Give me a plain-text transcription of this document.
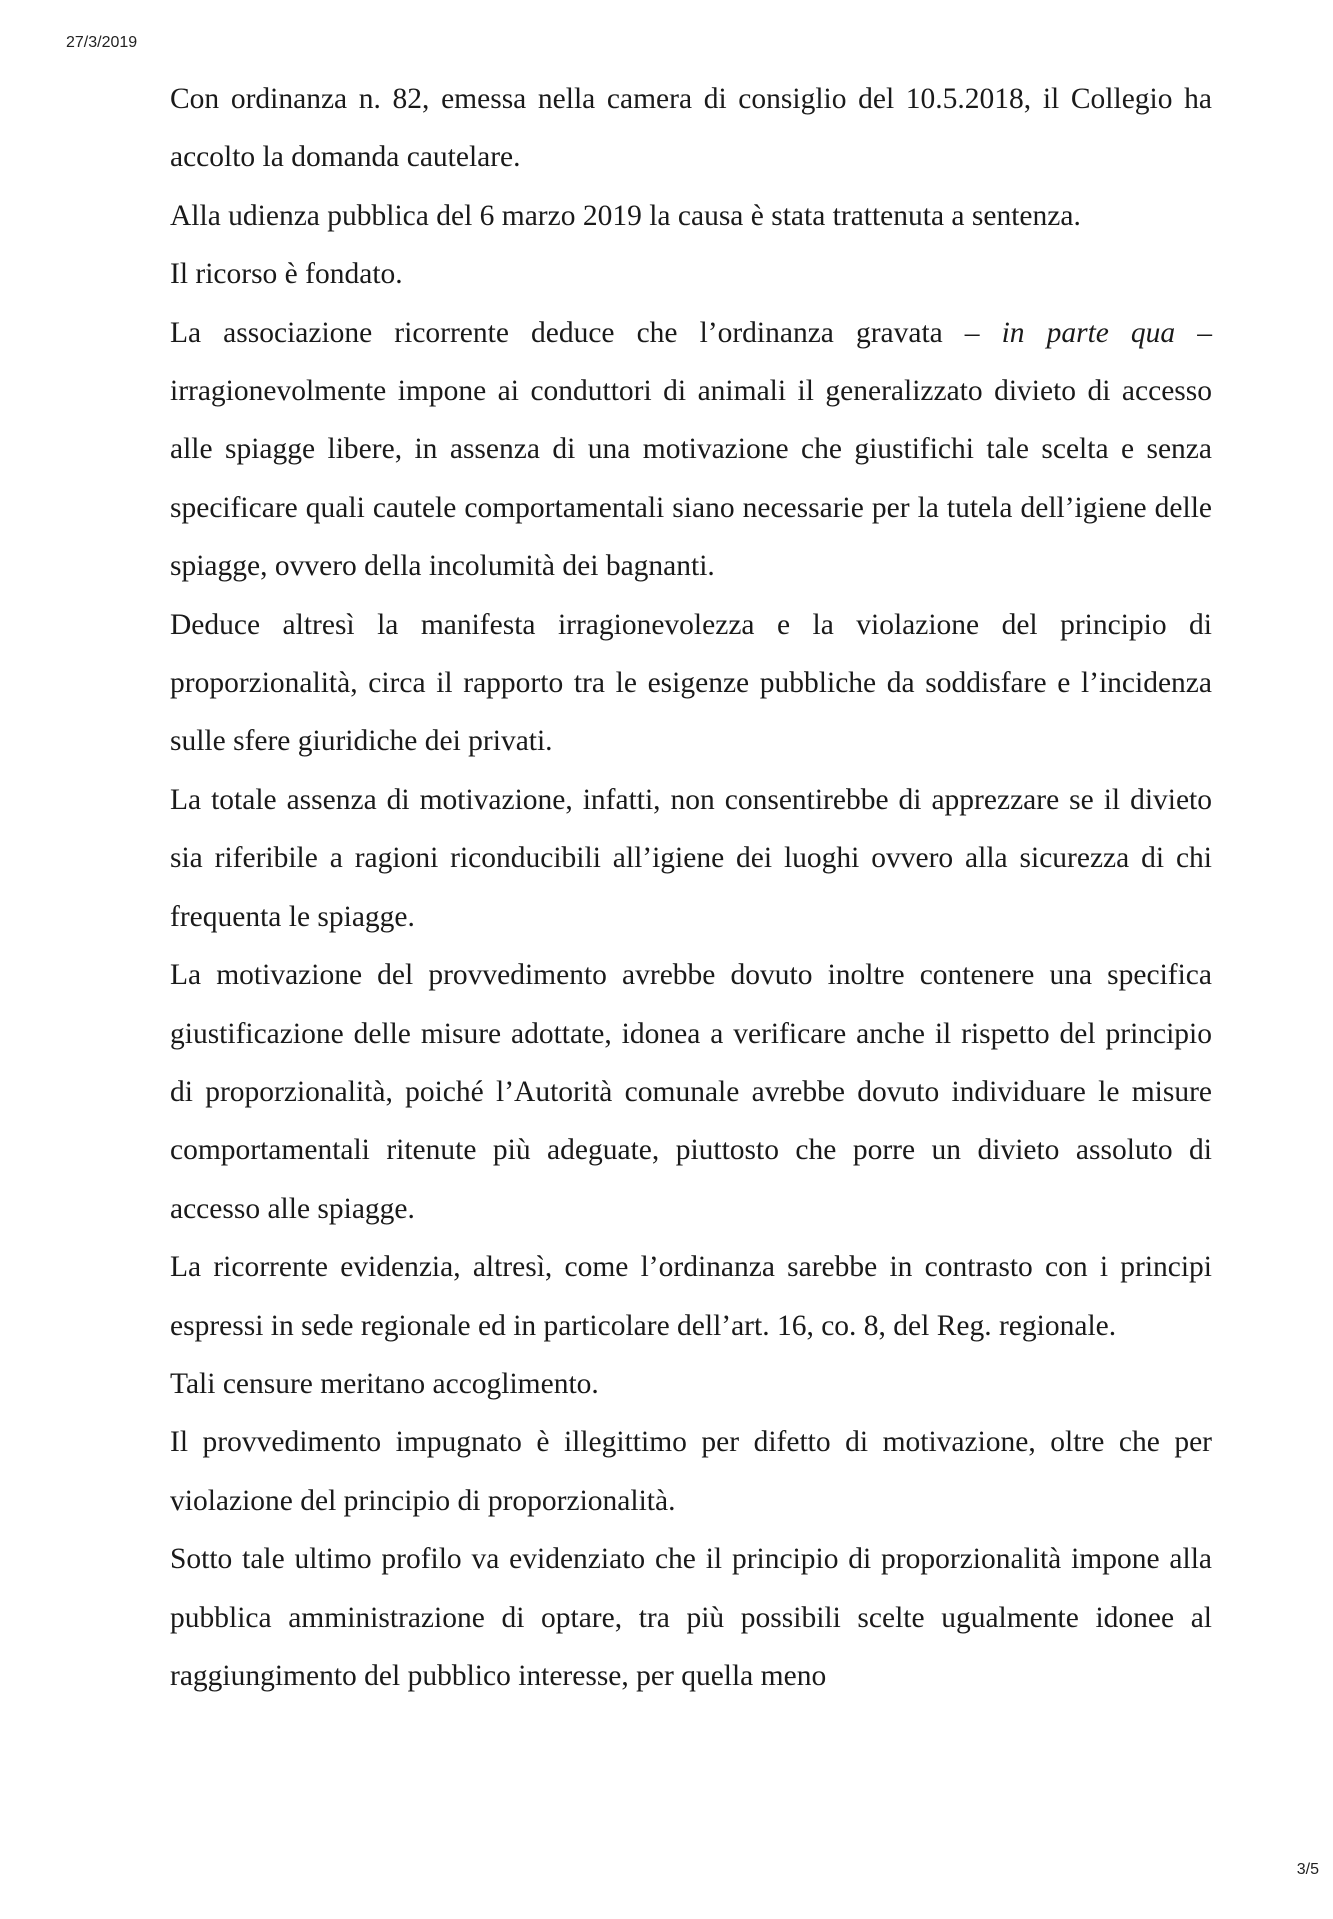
27/3/2019

Con ordinanza n. 82, emessa nella camera di consiglio del 10.5.2018, il Collegio ha accolto la domanda cautelare.

Alla udienza pubblica del 6 marzo 2019 la causa è stata trattenuta a sentenza.

Il ricorso è fondato.

La associazione ricorrente deduce che l’ordinanza gravata – in parte qua – irragionevolmente impone ai conduttori di animali il generalizzato divieto di accesso alle spiagge libere, in assenza di una motivazione che giustifichi tale scelta e senza specificare quali cautele comportamentali siano necessarie per la tutela dell’igiene delle spiagge, ovvero della incolumità dei bagnanti.

Deduce altresì la manifesta irragionevolezza e la violazione del principio di proporzionalità, circa il rapporto tra le esigenze pubbliche da soddisfare e l’incidenza sulle sfere giuridiche dei privati.

La totale assenza di motivazione, infatti, non consentirebbe di apprezzare se il divieto sia riferibile a ragioni riconducibili all’igiene dei luoghi ovvero alla sicurezza di chi frequenta le spiagge.

La motivazione del provvedimento avrebbe dovuto inoltre contenere una specifica giustificazione delle misure adottate, idonea a verificare anche il rispetto del principio di proporzionalità, poiché l’Autorità comunale avrebbe dovuto individuare le misure comportamentali ritenute più adeguate, piuttosto che porre un divieto assoluto di accesso alle spiagge.

La ricorrente evidenzia, altresì, come l’ordinanza sarebbe in contrasto con i principi espressi in sede regionale ed in particolare dell’art. 16, co. 8, del Reg. regionale.

Tali censure meritano accoglimento.

Il provvedimento impugnato è illegittimo per difetto di motivazione, oltre che per violazione del principio di proporzionalità.

Sotto tale ultimo profilo va evidenziato che il principio di proporzionalità impone alla pubblica amministrazione di optare, tra più possibili scelte ugualmente idonee al raggiungimento del pubblico interesse, per quella meno

3/5
